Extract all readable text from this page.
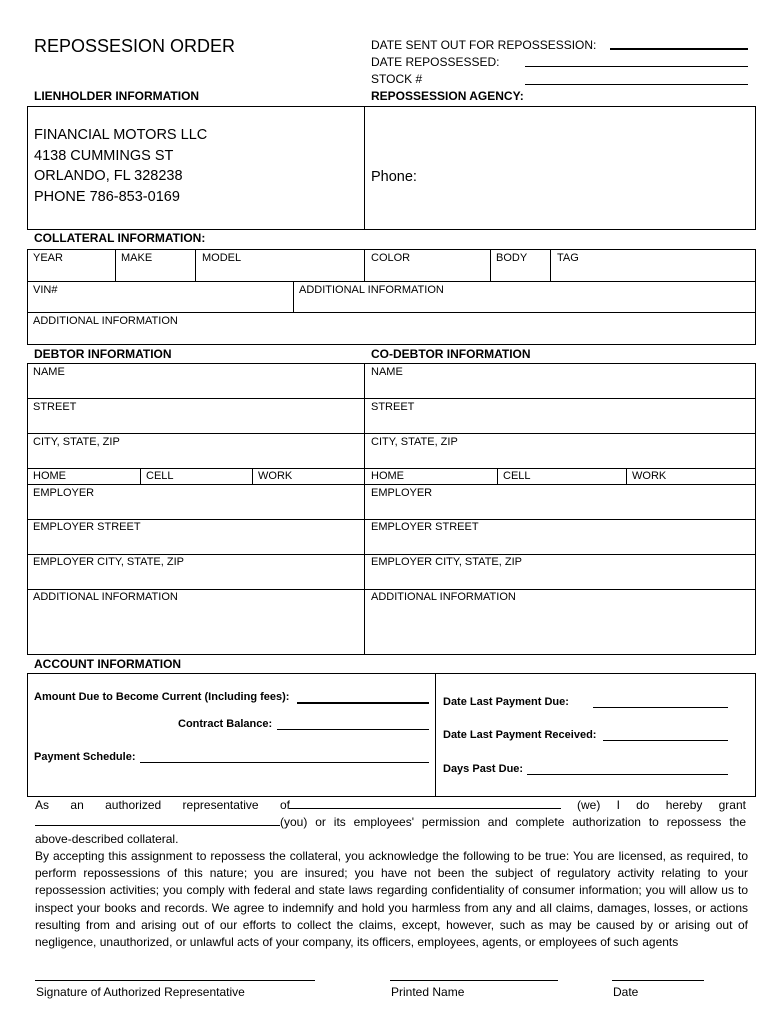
REPOSSESION ORDER	DATE SENT OUT FOR REPOSSESSION:
DATE REPOSSESSED:
STOCK #
LIENHOLDER INFORMATION	REPOSSESSION AGENCY:
FINANCIAL MOTORS LLC
4138 CUMMINGS ST
ORLANDO, FL 328238
PHONE 786-853-0169
Phone:
COLLATERAL INFORMATION:
YEAR	MAKE	MODEL	COLOR	BODY	TAG
VIN#	ADDITIONAL INFORMATION
ADDITIONAL INFORMATION
DEBTOR INFORMATION	CO-DEBTOR INFORMATION
NAME
STREET
CITY, STATE, ZIP
HOME	CELL	WORK
EMPLOYER
EMPLOYER STREET
EMPLOYER CITY, STATE, ZIP
ADDITIONAL INFORMATION
NAME
STREET
CITY, STATE, ZIP
HOME	CELL	WORK
EMPLOYER
EMPLOYER STREET
EMPLOYER CITY, STATE, ZIP
ADDITIONAL INFORMATION
ACCOUNT INFORMATION
Amount Due to Become Current (Including fees):
Contract Balance:
Payment Schedule:
Date Last Payment Due:
Date Last Payment Received:
Days Past Due:
As an authorized representative of	(we) I do hereby grant
(you) or its employees' permission and complete authorization to repossess the
above-described collateral.
By accepting this assignment to repossess the collateral, you acknowledge the following to be true: You are licensed, as required, to perform repossessions of this nature; you are insured; you have not been the subject of regulatory activity relating to your repossession activities; you comply with federal and state laws regarding confidentiality of consumer information; you will allow us to inspect your books and records. We agree to indemnify and hold you harmless from any and all claims, damages, losses, or actions resulting from and arising out of our efforts to collect the claims, except, however, such as may be caused by or arising out of negligence, unauthorized, or unlawful acts of your company, its officers, employees, agents, or employees of such agents
Signature of Authorized Representative	Printed Name	Date
